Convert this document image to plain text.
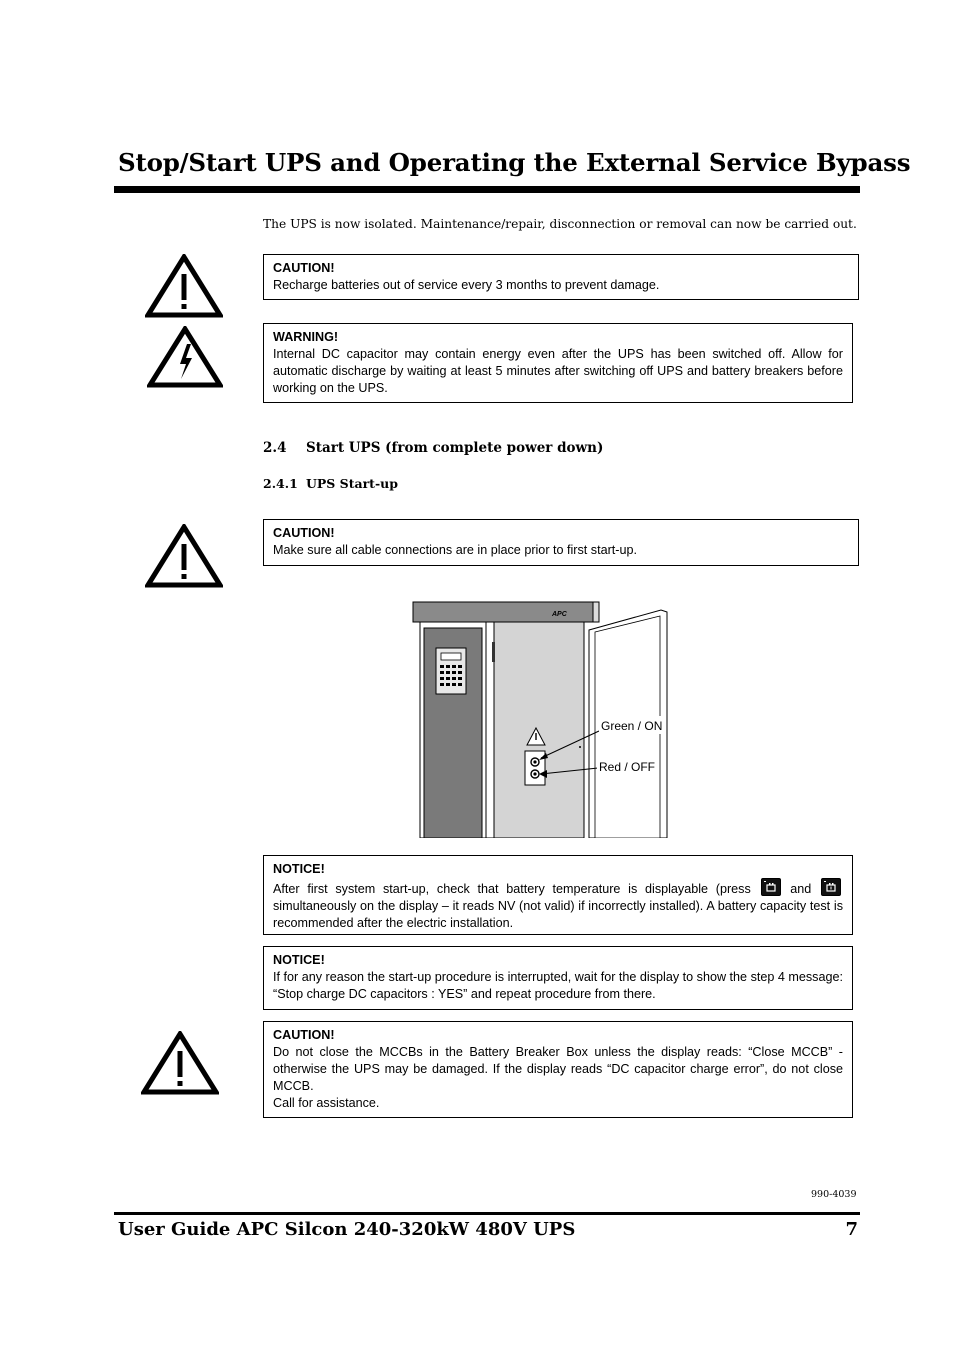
Stop/Start UPS and Operating the External Service Bypass
The UPS is now isolated. Maintenance/repair, disconnection or removal can now be carried out.
CAUTION!
Recharge batteries out of service every 3 months to prevent damage.
WARNING!
Internal DC capacitor may contain energy even after the UPS has been switched off. Allow for automatic discharge by waiting at least 5 minutes after switching off UPS and battery breakers before working on the UPS.
2.4 Start UPS (from complete power down)
2.4.1 UPS Start-up
CAUTION!
Make sure all cable connections are in place prior to first start-up.
APC
Green / ON
Red / OFF
NOTICE!
After first system start-up, check that battery temperature is displayable (press	and
simultaneously on the display – it reads NV (not valid) if incorrectly installed). A battery capacity test is recommended after the electric installation.
NOTICE!
If for any reason the start-up procedure is interrupted, wait for the display to show the step 4 message: “Stop charge DC capacitors : YES” and repeat procedure from there.
CAUTION!
Do not close the MCCBs in the Battery Breaker Box unless the display reads: “Close MCCB” - otherwise the UPS may be damaged. If the display reads “DC capacitor charge error”, do not close MCCB.
Call for assistance.
990-4039
User Guide APC Silcon 240-320kW 480V UPS	7
